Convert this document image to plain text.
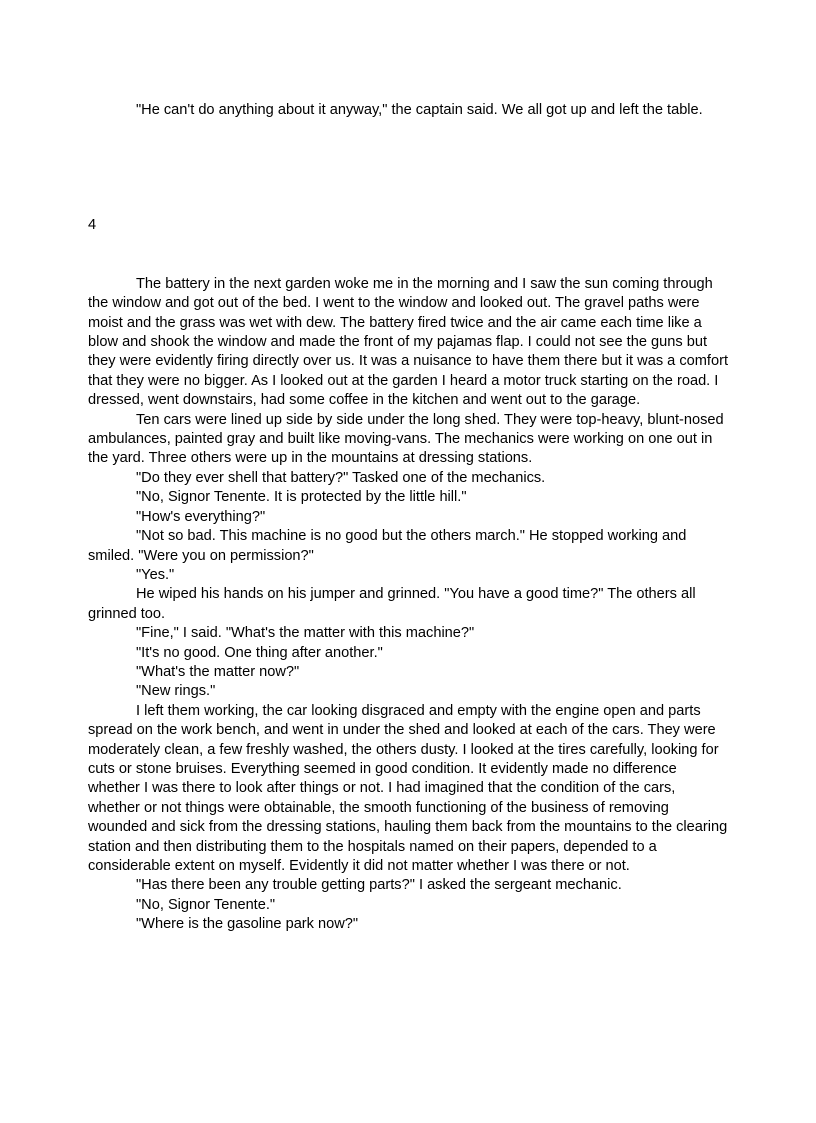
"He can't do anything about it anyway," the captain said. We all got up and left the table.

4

The battery in the next garden woke me in the morning and I saw the sun coming through the window and got out of the bed. I went to the window and looked out. The gravel paths were moist and the grass was wet with dew. The battery fired twice and the air came each time like a blow and shook the window and made the front of my pajamas flap. I could not see the guns but they were evidently firing directly over us. It was a nuisance to have them there but it was a comfort that they were no bigger. As I looked out at the garden I heard a motor truck starting on the road. I dressed, went downstairs, had some coffee in the kitchen and went out to the garage.

Ten cars were lined up side by side under the long shed. They were top-heavy, blunt-nosed ambulances, painted gray and built like moving-vans. The mechanics were working on one out in the yard. Three others were up in the mountains at dressing stations.

"Do they ever shell that battery?" Tasked one of the mechanics.

"No, Signor Tenente. It is protected by the little hill."

"How's everything?"

"Not so bad. This machine is no good but the others march." He stopped working and smiled. "Were you on permission?"

"Yes."

He wiped his hands on his jumper and grinned. "You have a good time?" The others all grinned too.

"Fine," I said. "What's the matter with this machine?"

"It's no good. One thing after another."

"What's the matter now?"

"New rings."

I left them working, the car looking disgraced and empty with the engine open and parts spread on the work bench, and went in under the shed and looked at each of the cars. They were moderately clean, a few freshly washed, the others dusty. I looked at the tires carefully, looking for cuts or stone bruises. Everything seemed in good condition. It evidently made no difference whether I was there to look after things or not. I had imagined that the condition of the cars, whether or not things were obtainable, the smooth functioning of the business of removing wounded and sick from the dressing stations, hauling them back from the mountains to the clearing station and then distributing them to the hospitals named on their papers, depended to a considerable extent on myself. Evidently it did not matter whether I was there or not.

"Has there been any trouble getting parts?" I asked the sergeant mechanic.

"No, Signor Tenente."

"Where is the gasoline park now?"
